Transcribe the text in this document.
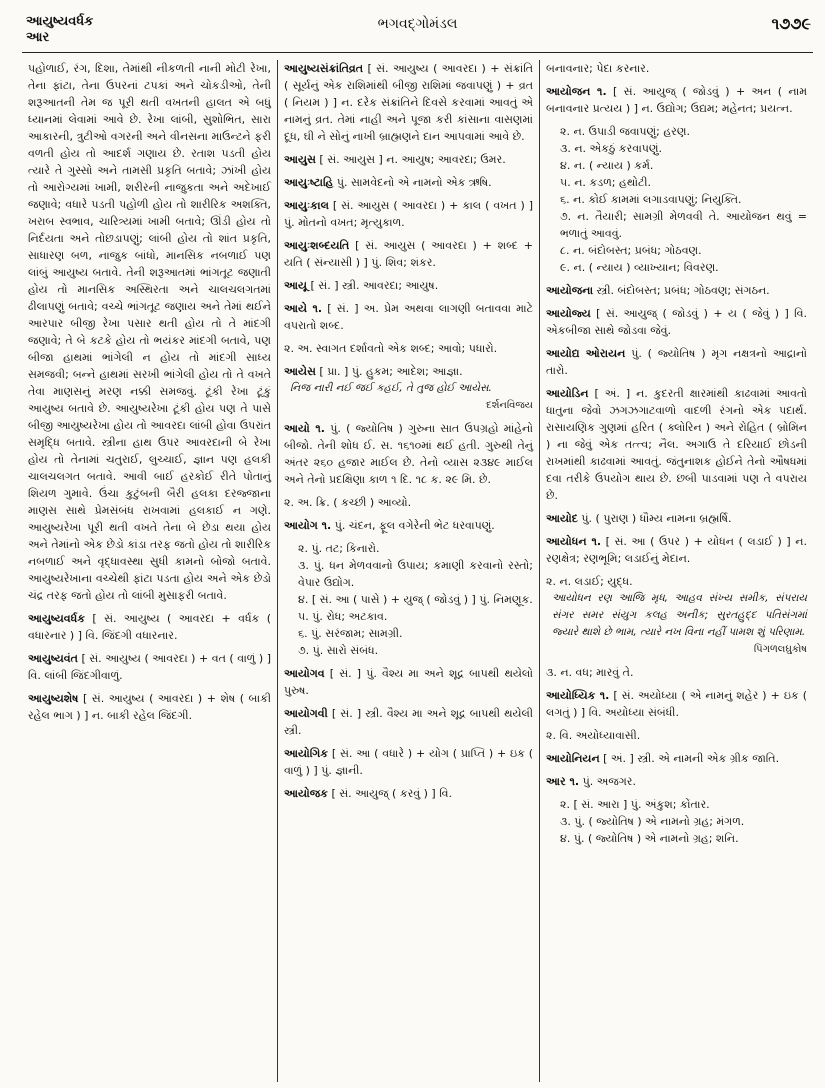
આયુષ્યવર્ધક
આર
ભગવદ્ગોમંડલ	૧૭૭૯
પહોળાઈ, રંગ, દિશા, તેમાંથી નીકળતી નાની મોટી રેખા, તેના ફાંટા, તેના ઉપરનાં ટપકાં અને ચોકડીઓ, તેની શરૂઆતની તેમ જ પૂરી થતી વખતની હાલત એ બધું ધ્યાનમાં લેવામાં આવે છે. રેખા લાંબી, સુશોભિત, સારા આકારની, ત્રુટીઓ વગરની અને વીનસના માઉન્ટને ફરી વળતી હોય તો આદર્શ ગણાય છે. રતાશ પડતી હોય ત્યારે તે ગુસ્સો અને તામસી પ્રકૃતિ બતાવે; ઝાંખી હોય તો આરોગ્યમાં ખામી, શરીરની નાજુકતા અને અદેખાઈ જણાવે; વધારે પડતી પહોળી હોય તો શારીરિક અશક્તિ, ખરાબ સ્વભાવ, ચારિત્ર્યમાં ખામી બતાવે; ઊંડી હોય તો નિર્દયતા અને તોછડાપણું; લાંબી હોય તો શાંત પ્રકૃતિ, સાધારણ બળ, નાજુક બાંધો, માનસિક નબળાઈ પણ લાંબું આયુષ્ય બતાવે. તેની શરૂઆતમાં ભાંગતૂટ જણાતી હોય તો માનસિક અસ્થિરતા અને ચાલચલગતમાં ઢીલાપણું બતાવે; વચ્ચે ભાંગતૂટ જણાય અને તેમાં થઈને આરપાર બીજી રેખા પસાર થતી હોય તો તે માંદગી જણાવે; તે બે કટકે હોય તો ભયંકર માંદગી બતાવે, પણ બીજા હાથમાં ભાંગેલી ન હોય તો માંદગી સાધ્ય સમજવી; બન્ને હાથમાં સરખી ભાંગેલી હોય તો તે વખતે તેવા માણસનું મરણ નક્કી સમજવું. ટૂંકી રેખા ટૂંકું આયુષ્ય બતાવે છે. આયુષ્યરેખા ટૂંકી હોય પણ તે પાસે બીજી આયુષ્યરેખા હોય તો આવરદા લાંબી હોવા ઉપરાંત સમૃદ્ધિ બતાવે. સ્ત્રીના હાથ ઉપર આવરદાની બે રેખા હોય તો તેનામાં ચતુરાઈ, લુચ્ચાઈ, જ્ઞાન પણ હલકી ચાલચલગત બતાવે. આવી બાઈ હરકોઈ રીતે પોતાનું શિયળ ગુમાવે. ઉંચા કુટુંબની બૈરી હલકા દરજ્જાના માણસ સાથે પ્રેમસંબંધ રાખવામાં હલકાઈ ન ગણે. આયુષ્યરેખા પૂરી થતી વખતે તેના બે છેડા થયા હોય અને તેમાંનો એક છેડો કાંડા તરફ જતો હોય તો શારીરિક નબળાઈ અને વૃદ્ધાવસ્થા સુધી કામનો બોજો બતાવે. આયુષ્યરેખાના વચ્ચેથી ફાંટા પડતા હોય અને એક છેડો ચંદ્ર તરફ જતો હોય તો લાંબી મુસાફરી બતાવે.
આયુષ્યવર્ધક [ સં. આયુષ્ય ( આવરદા + વર્ધક ( વધારનાર ) ] વિ. જિંદગી વધારનાર.
આયુષ્યવંત [ સં. આયુષ્ય ( આવરદા ) + વત ( વાળું ) ] વિ. લાંબી જિંદગીવાળું.
આયુષ્યશેષ [ સં. આયુષ્ય ( આવરદા ) + શેષ ( બાકી રહેલ ભાગ ) ] ન. બાકી રહેલ જિંદગી.
આયુષ્યસંક્રાંતિવ્રત [ સં. આયુષ્ય ( આવરદા ) + સંક્રાંતિ ( સૂર્યનું એક રાશિમાંથી બીજી રાશિમાં જવાપણું ) + વ્રત ( નિયમ ) ] ન. દરેક સંક્રાંતિને દિવસે કરવામાં આવતું એ નામનું વ્રત. તેમાં નાહી અને પૂજા કરી કાંસાના વાસણમાં દૂધ, ઘી ને સોનું નાખી બ્રાહ્મણને દાન આપવામાં આવે છે.
આયુસ [ સં. આયુસ ] ન. આયુષ; આવરદા; ઉમર.
આયુઃષ્ટાહિ પું. સામવેદનો એ નામનો એક ઋષિ.
આયુઃકાલ [ સં. આયુસ ( આવરદા ) + કાલ ( વખત ) ] પું. મોતનો વખત; મૃત્યુકાળ.
આયુઃશબ્દયતિ [ સં. આયુસ ( આવરદા ) + શબ્દ + યતિ ( સંન્યાસી ) ] પું. શિવ; શંકર.
આયૂ [ સં. ] સ્ત્રી. આવરદા; આયુષ.
આયે ૧. [ સં. ] અ. પ્રેમ અથવા લાગણી બતાવવા માટે વપરાતો શબ્દ.
૨. અ. સ્વાગત દર્શાવતો એક શબ્દ; આવો; પધારો.
આયેસ [ પ્રા. ] પું. હુકમ; આદેશ; આજ્ઞા.
નિજ નારી નઈ જઈ કહઈ, તે તુજ હોઈ આયેસ.
દર્શનવિજય
આયો ૧. પું. ( જ્યોતિષ ) ગુરુના સાત ઉપગ્રહો માંહેનો બીજો. તેની શોધ ઈ. સ. ૧૬૧૦માં થઈ હતી. ગુરુથી તેનું અંતર ૨૬૦ હજાર માઈલ છે. તેનો વ્યાસ ૨૩૪૯ માઈલ અને તેનો પ્રદક્ષિણા કાળ ૧ દિ. ૧૮ ક. ૨૯ મિ. છે.
૨. અ. ક્રિ. ( કચ્છી ) આવ્યો.
આયોગ ૧. પું. ચંદન, ફૂલ વગેરેની ભેટ ધરવાપણું.
૨. પું. તટ; કિનારો.
૩. પું. ધન મેળવવાનો ઉપાય; કમાણી કરવાનો રસ્તો; વેપાર ઉદ્યોગ.
૪. [ સં. આ ( પાસે ) + યુજ્ ( જોડવું ) ] પું. નિમણૂક.
૫. પું. રોધ; અટકાવ.
૬. પું. સરંજામ; સામગ્રી.
૭. પું. સારો સંબંધ.
આયોગવ [ સં. ] પું. વૈશ્ય મા અને શૂદ્ર બાપથી થયેલો પુરુષ.
આયોગવી [ સં. ] સ્ત્રી. વૈશ્ય મા અને શૂદ્ર બાપથી થયેલી સ્ત્રી.
આયોગિક [ સં. આ ( વધારે ) + યોગ ( પ્રાપ્તિ ) + ઇક ( વાળું ) ] પું. જ્ઞાની.
આયોજક [ સં. આયુજ્ ( કરવું ) ] વિ.
બનાવનાર; પેદા કરનાર.
આયોજન ૧. [ સં. આયુજ્ ( જોડવું ) + અન ( નામ બનાવનાર પ્રત્યય ) ] ન. ઉદ્યોગ; ઉદ્યમ; મહેનત; પ્રયત્ન.
૨. ન. ઉપાડી જવાપણું; હરણ.
૩. ન. એકઠું કરવાપણું.
૪. ન. ( ન્યાય ) કર્મ.
૫. ન. કડળ; હથોટી.
૬. ન. કોઈ કામમાં લગાડવાપણું; નિયુક્તિ.
૭. ન. તૈયારી; સામગ્રી મેળવવી તે. આયોજન થવું = ભળાતું આવવું.
૮. ન. બંદોબસ્ત; પ્રબંધ; ગોઠવણ.
૯. ન. ( ન્યાય ) વ્યાખ્યાન; વિવરણ.
આયોજના સ્ત્રી. બંદોબસ્ત; પ્રબંધ; ગોઠવણ; સંગઠન.
આયોજ્ય [ સં. આયુજ્ ( જોડવું ) + ય ( જેવું ) ] વિ. એકબીજા સાથે જોડવા જેવું.
આયોદ્ય ઓરાયન પું. ( જ્યોતિષ ) મૃગ નક્ષત્રનો આદ્રાનો તારો.
આયોડિન [ અં. ] ન. કુદરતી ક્ષારમાંથી કાઢવામાં આવતો ધાતુના જેવો ઝગઝગાટવાળો વાદળી રંગનો એક પદાર્થ. રાસાયણિક ગુણમાં હરિત ( ક્લોરિન ) અને રોહિત ( બ્રોમિન ) ના જેવું એક તત્ત્વ; નૈલ. અગાઉ તે દરિયાઈ છોડની રાખમાંથી કાઢવામાં આવતું. જંતુનાશક હોઈને તેનો ઔષધમાં દવા તરીકે ઉપયોગ થાય છે. છબી પાડવામાં પણ તે વપરાય છે.
આયોદ પું. ( પુરાણ ) ધૌમ્ય નામના બ્રહ્મર્ષિ.
આયોધન ૧. [ સં. આ ( ઉપર ) + યોધન ( લડાઈ ) ] ન. રણક્ષેત્ર; રણભૂમિ; લડાઈનું મેદાન.
૨. ન. લડાઈ; યુદ્ધ.
આયોધન રણ આજિ મૃધ, આહવ સંખ્ય સમીક, સંપરાય સંગર સમર સંયુગ કલહ અનીક; સુરતહુદ્દ પતિસંગમાં જ્યારે થાશે છે ભામ, ત્યારે નખ વિના નહીં પામશ શું પરિણામ.
પિંગળલઘુકોષ
૩. ન. વધ; મારવું તે.
આયોધ્યિક ૧. [ સં. અયોધ્યા ( એ નામનું શહેર ) + ઇક ( લગતું ) ] વિ. અયોધ્યા સંબંધી.
૨. વિ. અયોધ્યાવાસી.
આયોનિયન [ અં. ] સ્ત્રી. એ નામની એક ગ્રીક જાતિ.
આર ૧. પું. અજગર.
૨. [ સં. આરા ] પું. અંકુશ; કોંતાર.
૩. પું. ( જ્યોતિષ ) એ નામનો ગ્રહ; મંગળ.
૪. પું. ( જ્યોતિષ ) એ નામનો ગ્રહ; શનિ.
